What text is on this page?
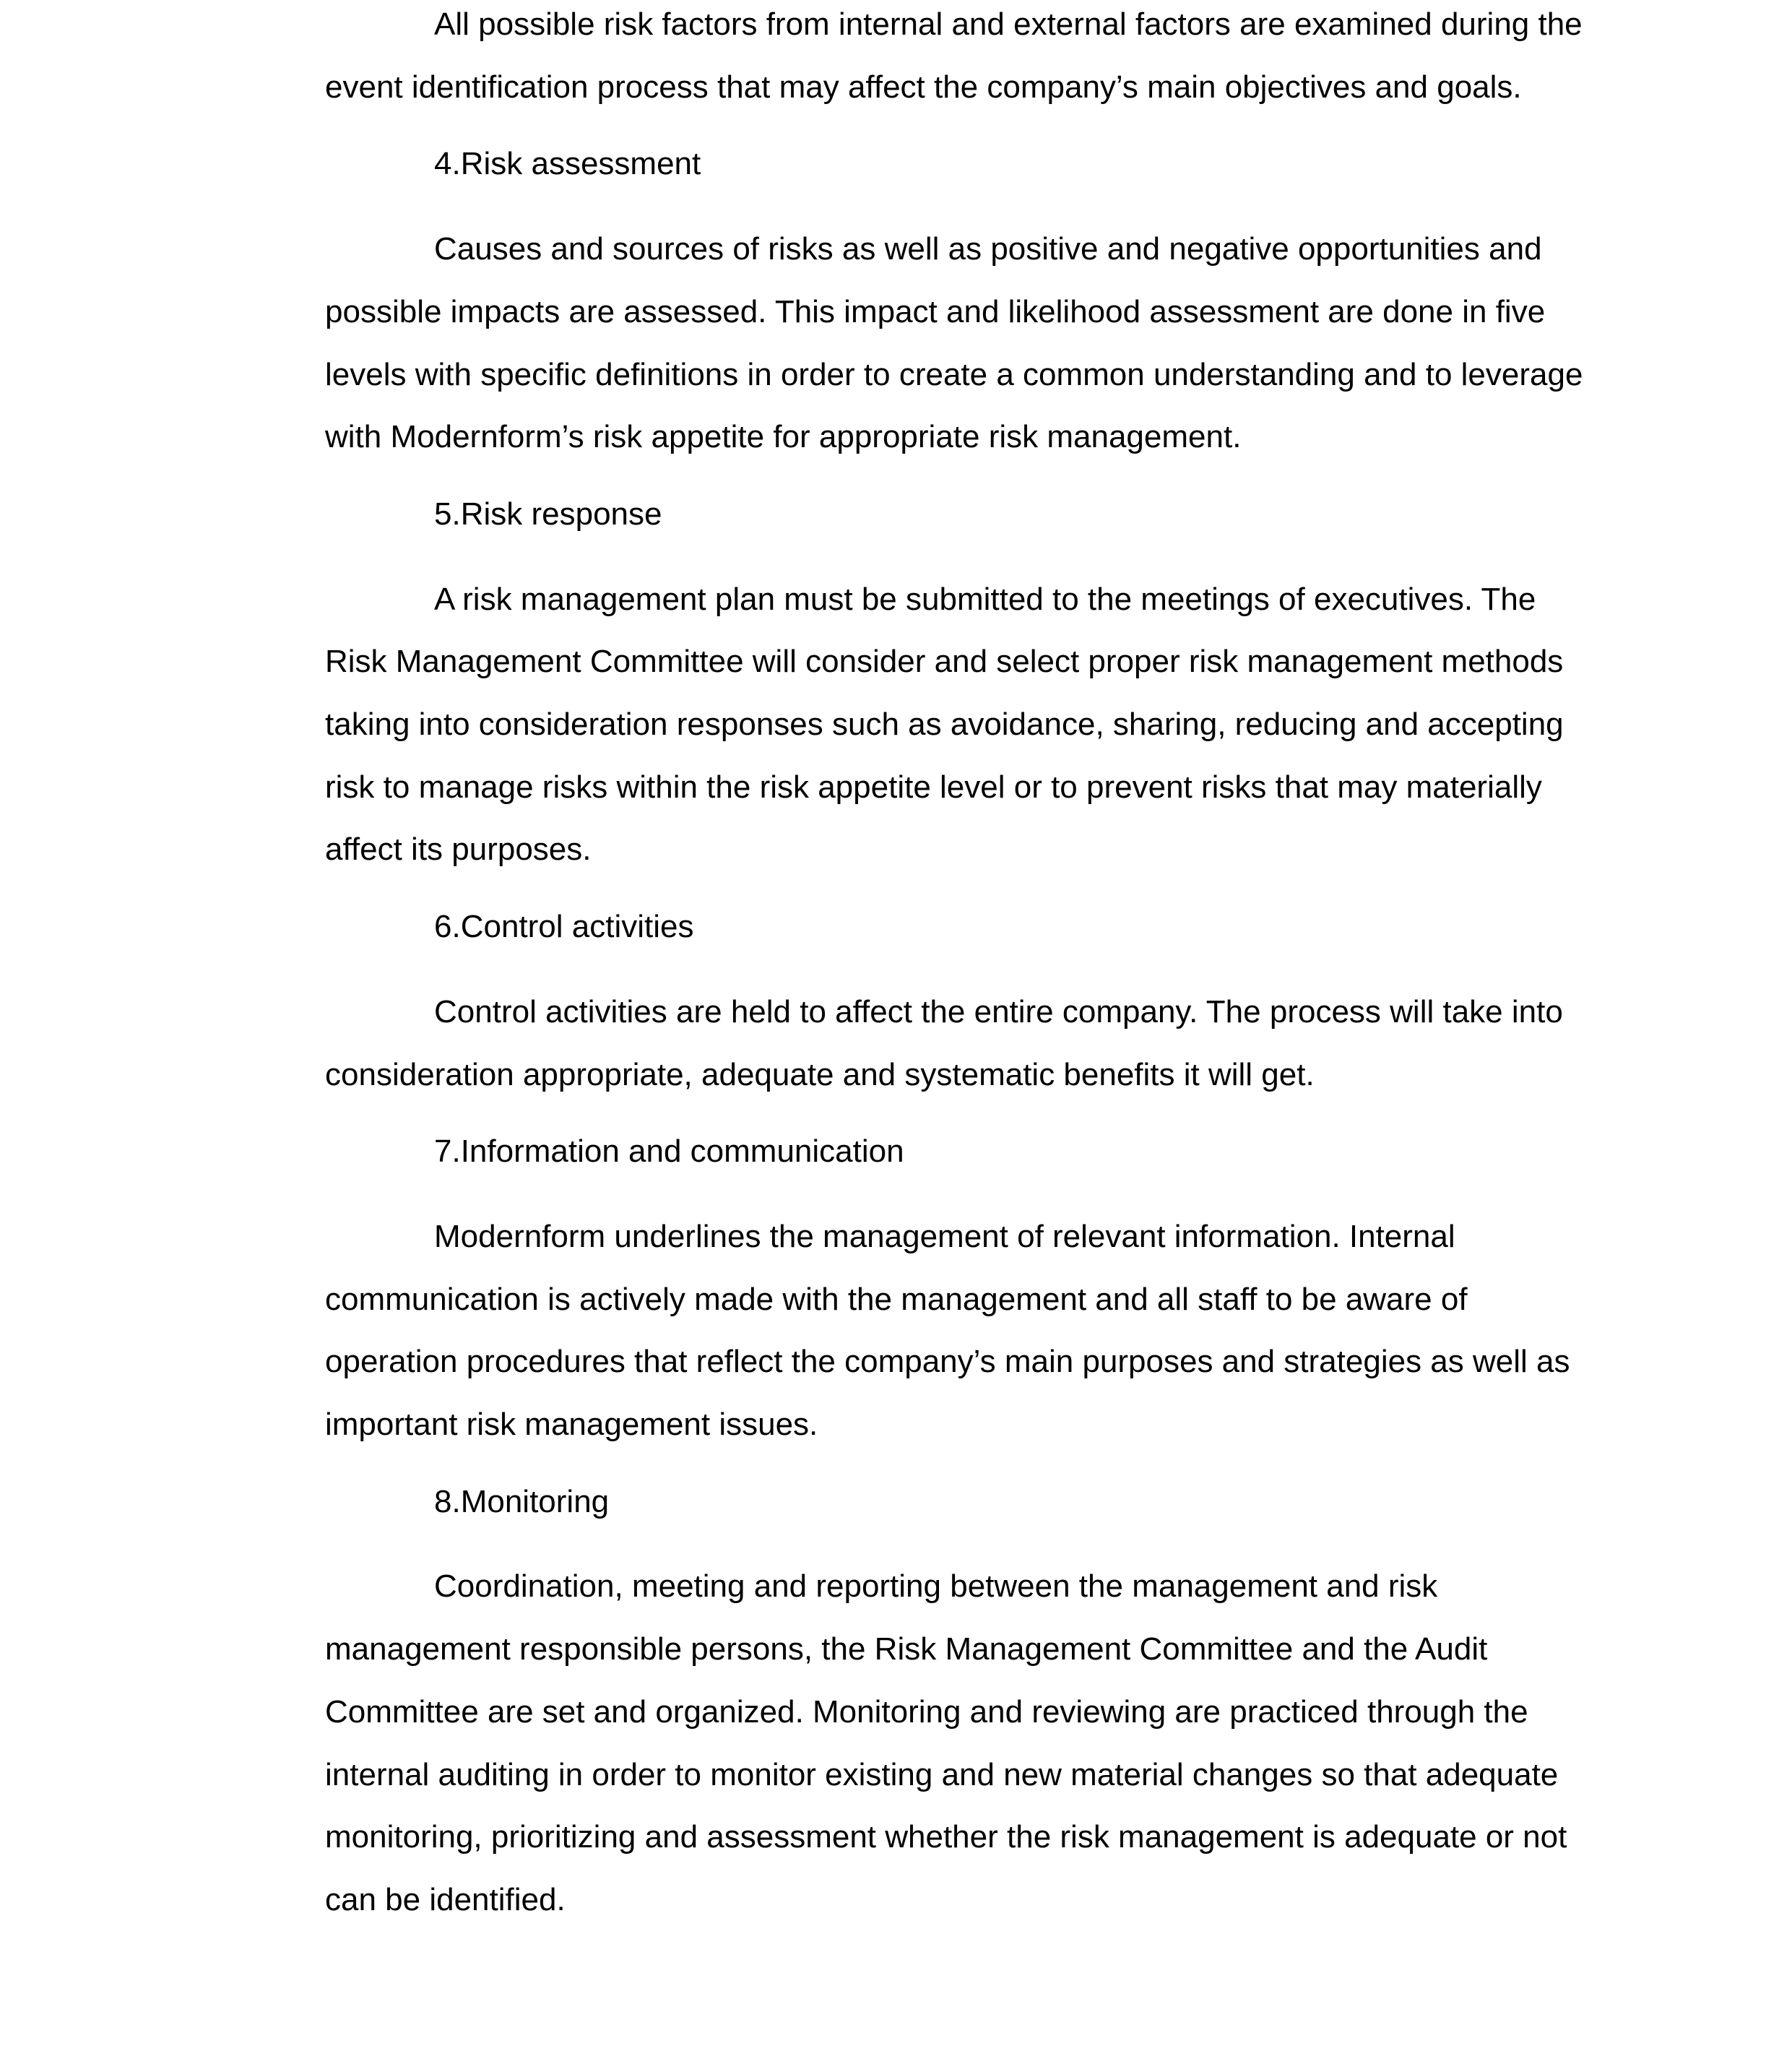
All possible risk factors from internal and external factors are examined during the event identification process that may affect the company’s main objectives and goals.

4.Risk assessment

Causes and sources of risks as well as positive and negative opportunities and possible impacts are assessed. This impact and likelihood assessment are done in five levels with specific definitions in order to create a common understanding and to leverage with Modernform’s risk appetite for appropriate risk management.

5.Risk response

A risk management plan must be submitted to the meetings of executives. The Risk Management Committee will consider and select proper risk management methods taking into consideration responses such as avoidance, sharing, reducing and accepting risk to manage risks within the risk appetite level or to prevent risks that may materially affect its purposes.

6.Control activities

Control activities are held to affect the entire company. The process will take into consideration appropriate, adequate and systematic benefits it will get.

7.Information and communication

Modernform underlines the management of relevant information. Internal communication is actively made with the management and all staff to be aware of operation procedures that reflect the company’s main purposes and strategies as well as important risk management issues.

8.Monitoring

Coordination, meeting and reporting between the management and risk management responsible persons, the Risk Management Committee and the Audit Committee are set and organized. Monitoring and reviewing are practiced through the internal auditing in order to monitor existing and new material changes so that adequate monitoring, prioritizing and assessment whether the risk management is adequate or not can be identified.
